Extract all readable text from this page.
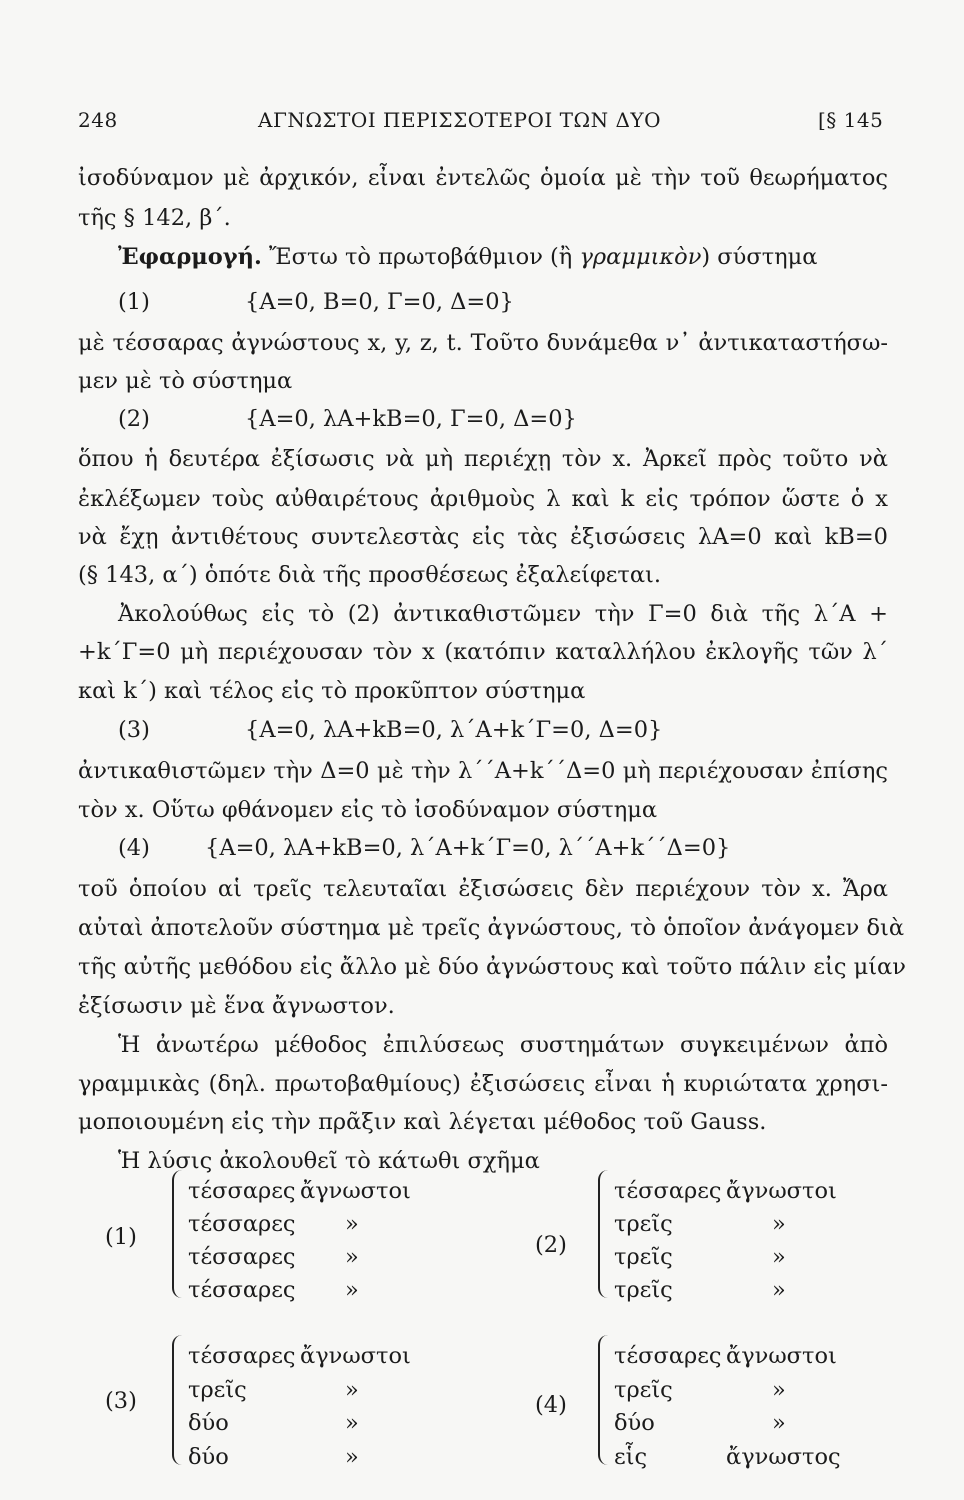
248	ΑΓΝΩΣΤΟΙ ΠΕΡΙΣΣΟΤΕΡΟΙ ΤΩΝ ΔΥΟ	[§ 145
ἰσοδύναμον μὲ ἀρχικόν, εἶναι ἐντελῶς ὁμοία μὲ τὴν τοῦ θεωρήματος
τῆς § 142, β΄.
Ἐφαρμογή. Ἔστω τὸ πρωτοβάθμιον (ἢ γραμμικὸν) σύστημα
(1)	{Α=0, Β=0, Γ=0, Δ=0}
μὲ τέσσαρας ἀγνώστους x, y, z, t. Τοῦτο δυνάμεθα ν᾽ ἀντικαταστήσω-
μεν μὲ τὸ σύστημα
(2)	{Α=0, λΑ+kΒ=0, Γ=0, Δ=0}
ὅπου ἡ δευτέρα ἐξίσωσις νὰ μὴ περιέχῃ τὸν x. Ἀρκεῖ πρὸς τοῦτο νὰ
ἐκλέξωμεν τοὺς αὐθαιρέτους ἀριθμοὺς λ καὶ k εἰς τρόπον ὥστε ὁ x
νὰ ἔχῃ ἀντιθέτους συντελεστὰς εἰς τὰς ἐξισώσεις λΑ=0 καὶ kΒ=0
(§ 143, α΄) ὁπότε διὰ τῆς προσθέσεως ἐξαλείφεται.
Ἀκολούθως εἰς τὸ (2) ἀντικαθιστῶμεν τὴν Γ=0 διὰ τῆς λ΄Α +
+k΄Γ=0 μὴ περιέχουσαν τὸν x (κατόπιν καταλλήλου ἐκλογῆς τῶν λ΄
καὶ k΄) καὶ τέλος εἰς τὸ προκῦπτον σύστημα
(3)	{Α=0, λΑ+kΒ=0, λ΄Α+k΄Γ=0, Δ=0}
ἀντικαθιστῶμεν τὴν Δ=0 μὲ τὴν λ΄΄Α+k΄΄Δ=0 μὴ περιέχουσαν ἐπίσης
τὸν x. Οὕτω φθάνομεν εἰς τὸ ἰσοδύναμον σύστημα
(4) {Α=0, λΑ+kΒ=0, λ΄Α+k΄Γ=0, λ΄΄Α+k΄΄Δ=0}
τοῦ ὁποίου αἱ τρεῖς τελευταῖαι ἐξισώσεις δὲν περιέχουν τὸν x. Ἄρα
αὐταὶ ἀποτελοῦν σύστημα μὲ τρεῖς ἀγνώστους, τὸ ὁποῖον ἀνάγομεν διὰ
τῆς αὐτῆς μεθόδου εἰς ἄλλο μὲ δύο ἀγνώστους καὶ τοῦτο πάλιν εἰς μίαν
ἐξίσωσιν μὲ ἕνα ἄγνωστον.
Ἡ ἀνωτέρω μέθοδος ἐπιλύσεως συστημάτων συγκειμένων ἀπὸ
γραμμικὰς (δηλ. πρωτοβαθμίους) ἐξισώσεις εἶναι ἡ κυριώτατα χρησι-
μοποιουμένη εἰς τὴν πρᾶξιν καὶ λέγεται μέθοδος τοῦ Gauss.
Ἡ λύσις ἀκολουθεῖ τὸ κάτωθι σχῆμα
(1)
τέσσαρες ἄγνωστοι
τέσσαρες »
τέσσαρες »
τέσσαρες »
(2)
τέσσαρες ἄγνωστοι
τρεῖς	»
τρεῖς	»
τρεῖς	»
(3)
τέσσαρες ἄγνωστοι
τρεῖς	»
δύο	»
δύο	»
(4)
τέσσαρες ἄγνωστοι
τρεῖς	»
δύο	»
εἷς	ἄγνωστος
